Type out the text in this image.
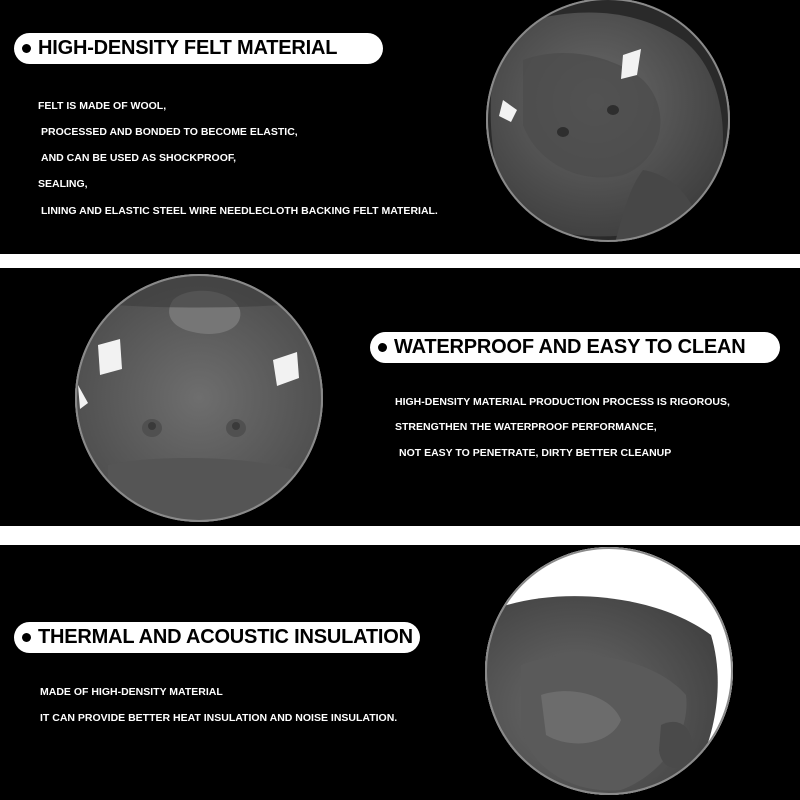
HIGH-DENSITY FELT MATERIAL
FELT IS MADE OF WOOL,
PROCESSED AND BONDED TO BECOME ELASTIC,
AND CAN BE USED AS SHOCKPROOF,
SEALING,
LINING AND ELASTIC STEEL WIRE NEEDLECLOTH BACKING FELT MATERIAL.
WATERPROOF AND EASY TO CLEAN
HIGH-DENSITY MATERIAL PRODUCTION PROCESS IS RIGOROUS,
STRENGTHEN THE WATERPROOF PERFORMANCE,
NOT EASY TO PENETRATE, DIRTY BETTER CLEANUP
THERMAL AND ACOUSTIC INSULATION
MADE OF HIGH-DENSITY MATERIAL
IT CAN PROVIDE BETTER HEAT INSULATION AND NOISE INSULATION.
